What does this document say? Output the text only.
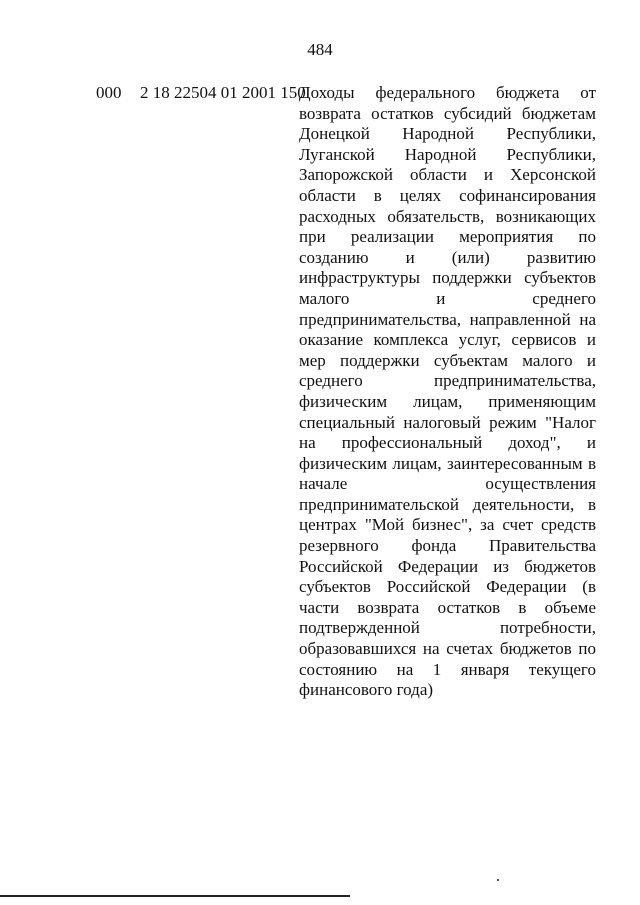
484
000 2 18 22504 01 2001 150

Доходы федерального бюджета от возврата остатков субсидий бюджетам Донецкой Народной Республики, Луганской Народной Республики, Запорожской области и Херсонской области в целях софинансирования расходных обязательств, возникающих при реализации мероприятия по созданию и (или) развитию инфраструктуры поддержки субъектов малого и среднего предпринимательства, направленной на оказание комплекса услуг, сервисов и мер поддержки субъектам малого и среднего предпринимательства, физическим лицам, применяющим специальный налоговый режим "Налог на профессиональный доход", и физическим лицам, заинтересованным в начале осуществления предпринимательской деятельности, в центрах "Мой бизнес", за счет средств резервного фонда Правительства Российской Федерации из бюджетов субъектов Российской Федерации (в части возврата остатков в объеме подтвержденной потребности, образовавшихся на счетах бюджетов по состоянию на 1 января текущего финансового года)
